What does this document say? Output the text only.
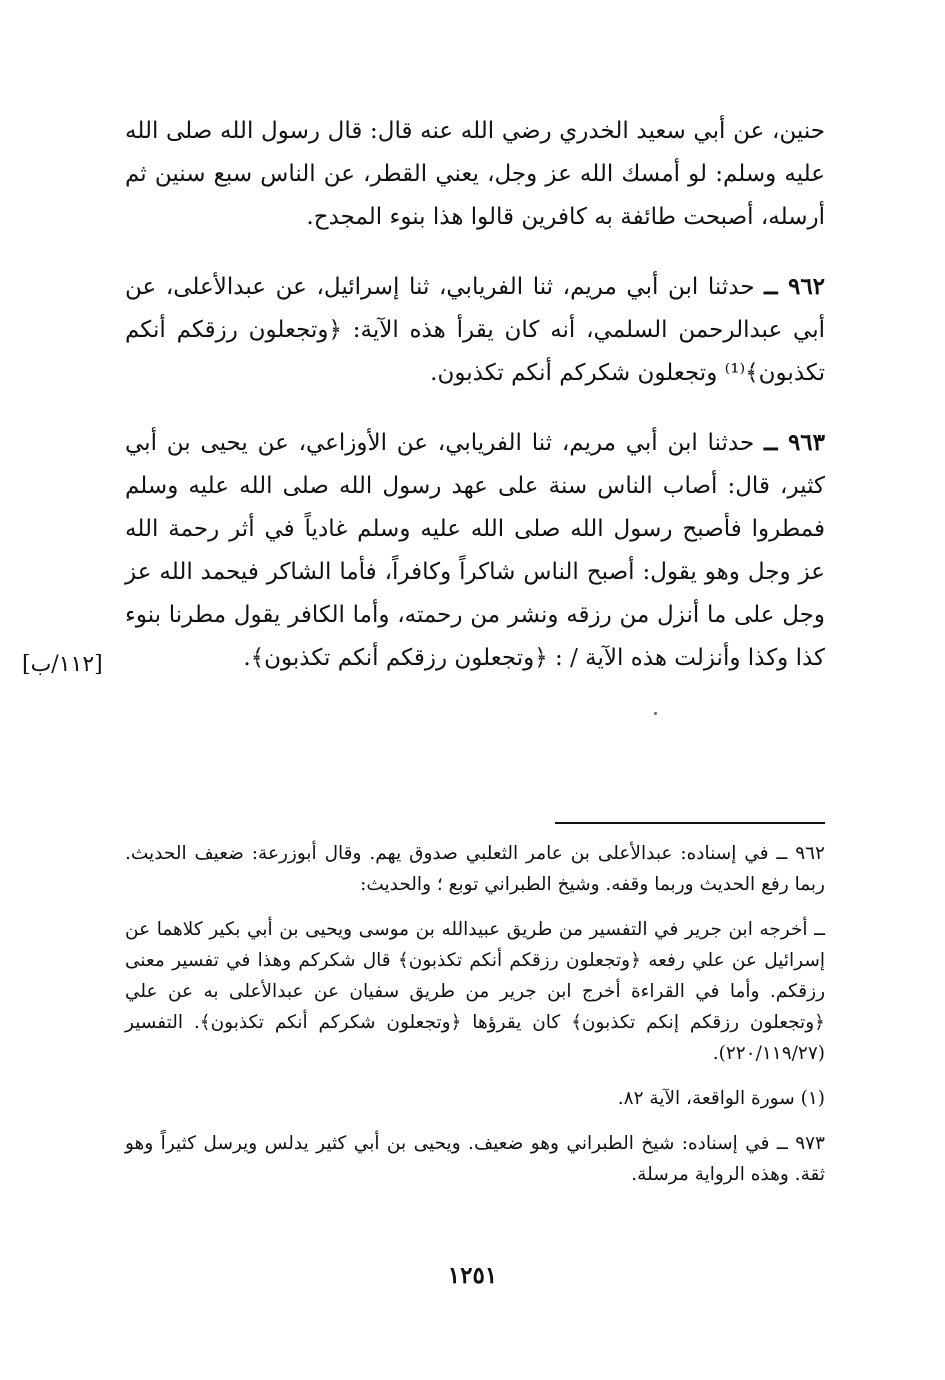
حنين، عن أبي سعيد الخدري رضي الله عنه قال: قال رسول الله صلى الله عليه وسلم: لو أمسك الله عز وجل، يعني القطر، عن الناس سبع سنين ثم أرسله، أصبحت طائفة به كافرين قالوا هذا بنوء المجدح.

٩٦٢ ــ حدثنا ابن أبي مريم، ثنا الفريابي، ثنا إسرائيل، عن عبدالأعلى، عن أبي عبدالرحمن السلمي، أنه كان يقرأ هذه الآية: ﴿وتجعلون رزقكم أنكم تكذبون﴾⁽¹⁾ وتجعلون شكركم أنكم تكذبون.

٩٦٣ ــ حدثنا ابن أبي مريم، ثنا الفريابي، عن الأوزاعي، عن يحيى بن أبي كثير، قال: أصاب الناس سنة على عهد رسول الله صلى الله عليه وسلم فمطروا فأصبح رسول الله صلى الله عليه وسلم غادياً في أثر رحمة الله عز وجل وهو يقول: أصبح الناس شاكراً وكافراً، فأما الشاكر فيحمد الله عز وجل على ما أنزل من رزقه ونشر من رحمته، وأما الكافر يقول مطرنا بنوء كذا وكذا وأنزلت هذه الآية / : ﴿وتجعلون رزقكم أنكم تكذبون﴾.

[١١٢/ب]

٩٦٢ ــ في إسناده: عبدالأعلى بن عامر الثعلبي صدوق يهم. وقال أبوزرعة: ضعيف الحديث. ربما رفع الحديث وربما وقفه. وشيخ الطبراني توبع ؛ والحديث:

ــ أخرجه ابن جرير في التفسير من طريق عبيدالله بن موسى ويحيى بن أبي بكير كلاهما عن إسرائيل عن علي رفعه ﴿وتجعلون رزقكم أنكم تكذبون﴾ قال شكركم وهذا في تفسير معنى رزقكم. وأما في القراءة أخرج ابن جرير من طريق سفيان عن عبدالأعلى به عن علي ﴿وتجعلون رزقكم إنكم تكذبون﴾ كان يقرؤها ﴿وتجعلون شكركم أنكم تكذبون﴾. التفسير (٢٢٠/١١٩/٢٧).

(١) سورة الواقعة، الآية ٨٢.

٩٧٣ ــ في إسناده: شيخ الطبراني وهو ضعيف. ويحيى بن أبي كثير يدلس ويرسل كثيراً وهو ثقة. وهذه الرواية مرسلة.

١٢٥١
